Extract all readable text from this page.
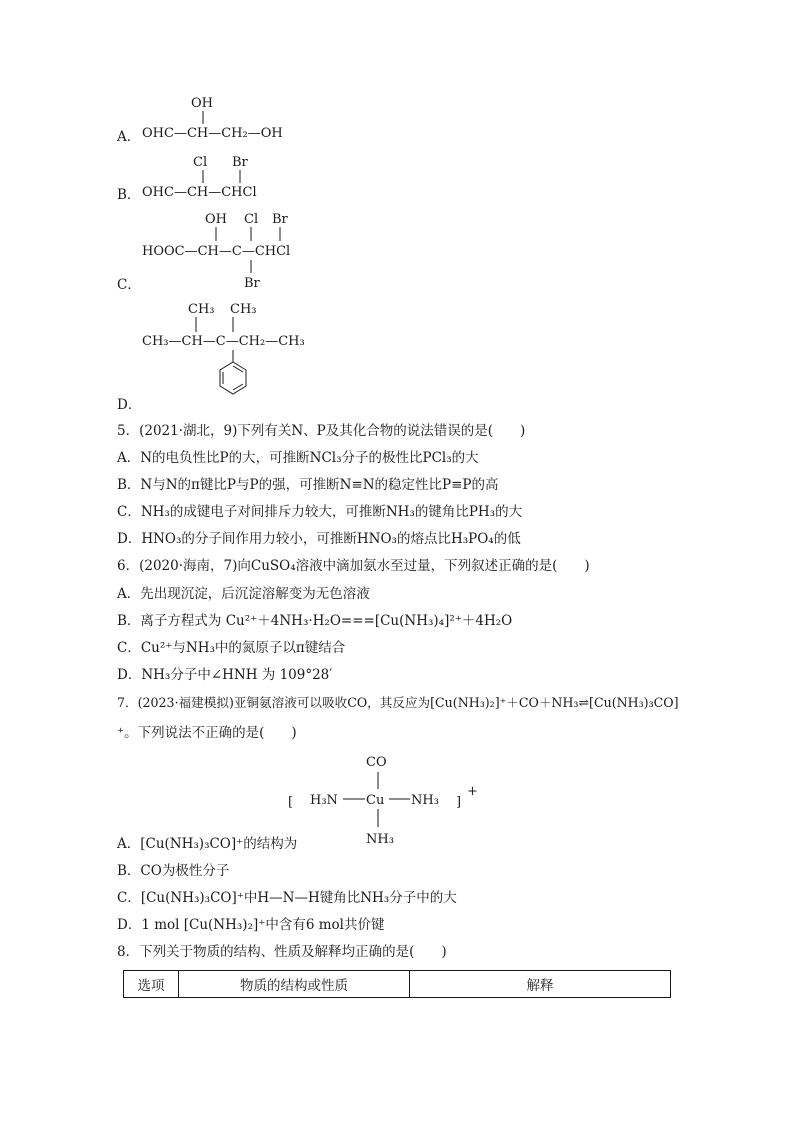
A．
B．
C．
D．
OH
OHC—CH—CH₂—OH
Cl Br
OHC—CH—CHCl
OH Cl Br
HOOC—CH—C—CHCl
Br
CH₃ CH₃
CH₃—CH—C—CH₂—CH₃
5．(2021·湖北，9)下列有关N、P及其化合物的说法错误的是(　　)
A．N的电负性比P的大，可推断NCl₃分子的极性比PCl₃的大
B．N与N的π键比P与P的强，可推断N≡N的稳定性比P≡P的高
C．NH₃的成键电子对间排斥力较大，可推断NH₃的键角比PH₃的大
D．HNO₃的分子间作用力较小，可推断HNO₃的熔点比H₃PO₄的低
6．(2020·海南，7)向CuSO₄溶液中滴加氨水至过量，下列叙述正确的是(　　)
A．先出现沉淀，后沉淀溶解变为无色溶液
B．离子方程式为 Cu²⁺＋4NH₃·H₂O===[Cu(NH₃)₄]²⁺＋4H₂O
C．Cu²⁺与NH₃中的氮原子以π键结合
D．NH₃分子中∠HNH 为 109°28′
7．(2023·福建模拟)亚铜氨溶液可以吸收CO，其反应为[Cu(NH₃)₂]⁺＋CO＋NH₃⇌[Cu(NH₃)₃CO]
⁺。下列说法不正确的是(　　)
CO
[ H₃N Cu NH₃ ]
+
NH₃
A．[Cu(NH₃)₃CO]⁺的结构为
B．CO为极性分子
C．[Cu(NH₃)₃CO]⁺中H—N—H键角比NH₃分子中的大
D．1 mol [Cu(NH₃)₂]⁺中含有6 mol共价键
8．下列关于物质的结构、性质及解释均正确的是(　　)
选项	物质的结构或性质	解释
